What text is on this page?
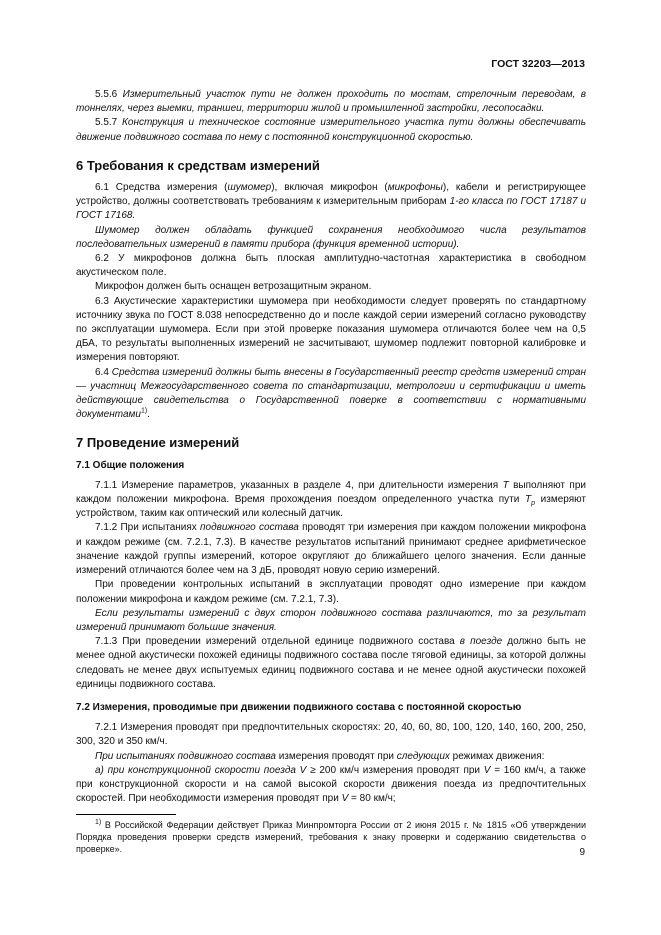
ГОСТ 32203—2013

5.5.6 Измерительный участок пути не должен проходить по мостам, стрелочным переводам, в тоннелях, через выемки, траншеи, территории жилой и промышленной застройки, лесопосадки.

5.5.7 Конструкция и техническое состояние измерительного участка пути должны обеспечивать движение подвижного состава по нему с постоянной конструкционной скоростью.

6 Требования к средствам измерений

6.1 Средства измерения (шумомер), включая микрофон (микрофоны), кабели и регистрирующее устройство, должны соответствовать требованиям к измерительным приборам 1-го класса по ГОСТ 17187 и ГОСТ 17168.

Шумомер должен обладать функцией сохранения необходимого числа результатов последовательных измерений в памяти прибора (функция временной истории).

6.2 У микрофонов должна быть плоская амплитудно-частотная характеристика в свободном акустическом поле.

Микрофон должен быть оснащен ветрозащитным экраном.

6.3 Акустические характеристики шумомера при необходимости следует проверять по стандартному источнику звука по ГОСТ 8.038 непосредственно до и после каждой серии измерений согласно руководству по эксплуатации шумомера. Если при этой проверке показания шумомера отличаются более чем на 0,5 дБА, то результаты выполненных измерений не засчитывают, шумомер подлежит повторной калибровке и измерения повторяют.

6.4 Средства измерений должны быть внесены в Государственный реестр средств измерений стран — участниц Межгосударственного совета по стандартизации, метрологии и сертификации и иметь действующие свидетельства о Государственной поверке в соответствии с нормативными документами$^{1)}$.

7 Проведение измерений
7.1 Общие положения

7.1.1 Измерение параметров, указанных в разделе 4, при длительности измерения T выполняют при каждом положении микрофона. Время прохождения поездом определенного участка пути $T_p$ измеряют устройством, таким как оптический или колесный датчик.

7.1.2 При испытаниях подвижного состава проводят три измерения при каждом положении микрофона и каждом режиме (см. 7.2.1, 7.3). В качестве результатов испытаний принимают среднее арифметическое значение каждой группы измерений, которое округляют до ближайшего целого значения. Если данные измерений отличаются более чем на 3 дБ, проводят новую серию измерений.

При проведении контрольных испытаний в эксплуатации проводят одно измерение при каждом положении микрофона и каждом режиме (см. 7.2.1, 7.3).

Если результаты измерений с двух сторон подвижного состава различаются, то за результат измерений принимают большие значения.

7.1.3 При проведении измерений отдельной единице подвижного состава в поезде должно быть не менее одной акустически похожей единицы подвижного состава после тяговой единицы, за которой должны следовать не менее двух испытуемых единиц подвижного состава и не менее одной акустически похожей единицы подвижного состава.

7.2 Измерения, проводимые при движении подвижного состава с постоянной скоростью

7.2.1 Измерения проводят при предпочтительных скоростях: 20, 40, 60, 80, 100, 120, 140, 160, 200, 250, 300, 320 и 350 км/ч.

При испытаниях подвижного состава измерения проводят при следующих режимах движения:

а) при конструкционной скорости поезда V ≥ 200 км/ч измерения проводят при V = 160 км/ч, а также при конструкционной скорости и на самой высокой скорости движения поезда из предпочтительных скоростей. При необходимости измерения проводят при V = 80 км/ч;

$^{1)}$ В Российской Федерации действует Приказ Минпромторга России от 2 июня 2015 г. № 1815 «Об утверждении Порядка проведения проверки средств измерений, требования к знаку проверки и содержанию свидетельства о проверке».	9
